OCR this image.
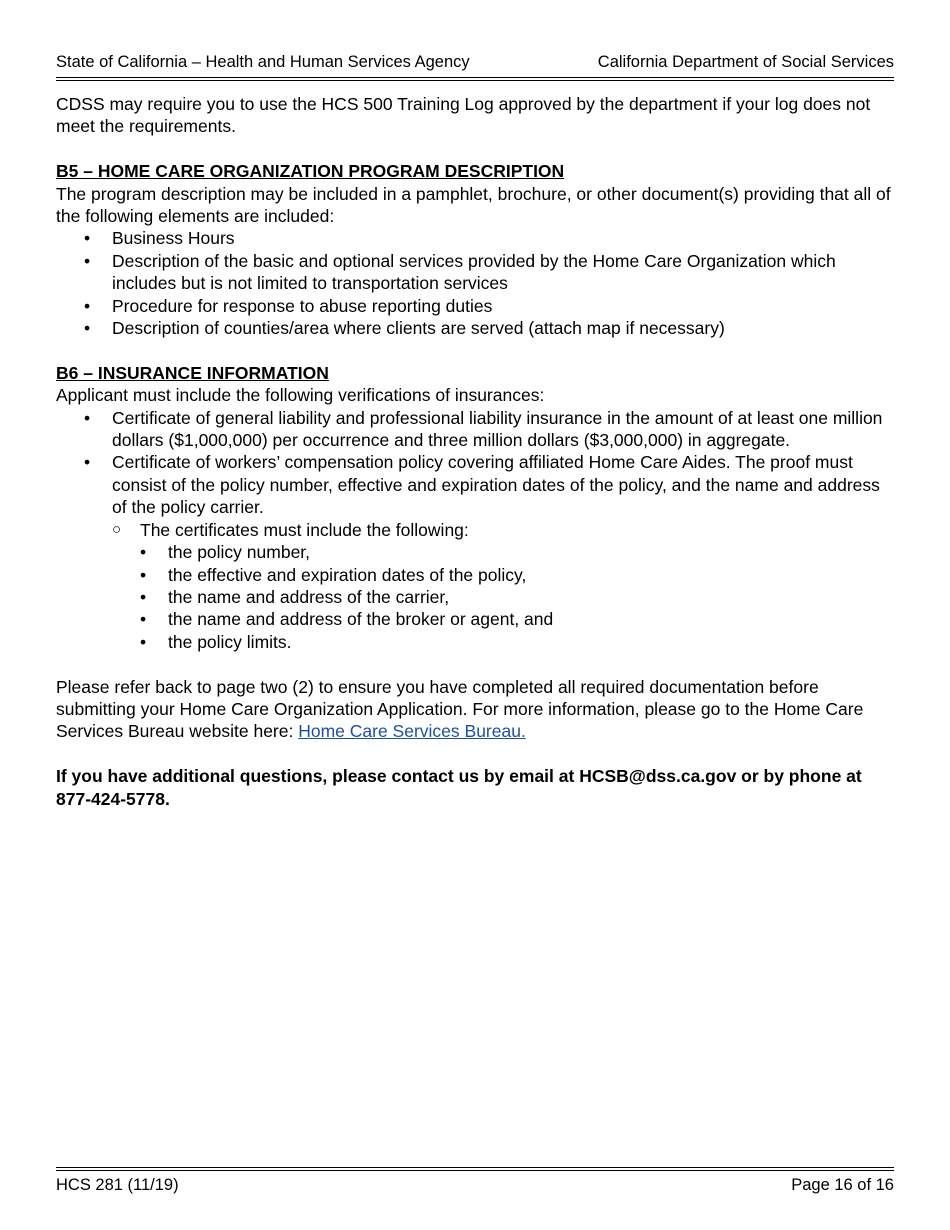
State of California – Health and Human Services Agency	California Department of Social Services

CDSS may require you to use the HCS 500 Training Log approved by the department if your log does not meet the requirements.

B5 – HOME CARE ORGANIZATION PROGRAM DESCRIPTION

The program description may be included in a pamphlet, brochure, or other document(s) providing that all of the following elements are included:

• Business Hours
• Description of the basic and optional services provided by the Home Care Organization which includes but is not limited to transportation services
• Procedure for response to abuse reporting duties
• Description of counties/area where clients are served (attach map if necessary)

B6 – INSURANCE INFORMATION

Applicant must include the following verifications of insurances:

• Certificate of general liability and professional liability insurance in the amount of at least one million dollars ($1,000,000) per occurrence and three million dollars ($3,000,000) in aggregate.
• Certificate of workers’ compensation policy covering affiliated Home Care Aides. The proof must consist of the policy number, effective and expiration dates of the policy, and the name and address of the policy carrier.
○ The certificates must include the following:
• the policy number,
• the effective and expiration dates of the policy,
• the name and address of the carrier,
• the name and address of the broker or agent, and
• the policy limits.

Please refer back to page two (2) to ensure you have completed all required documentation before submitting your Home Care Organization Application. For more information, please go to the Home Care Services Bureau website here: Home Care Services Bureau.

If you have additional questions, please contact us by email at HCSB@dss.ca.gov or by phone at 877-424-5778.

HCS 281 (11/19)	Page 16 of 16
